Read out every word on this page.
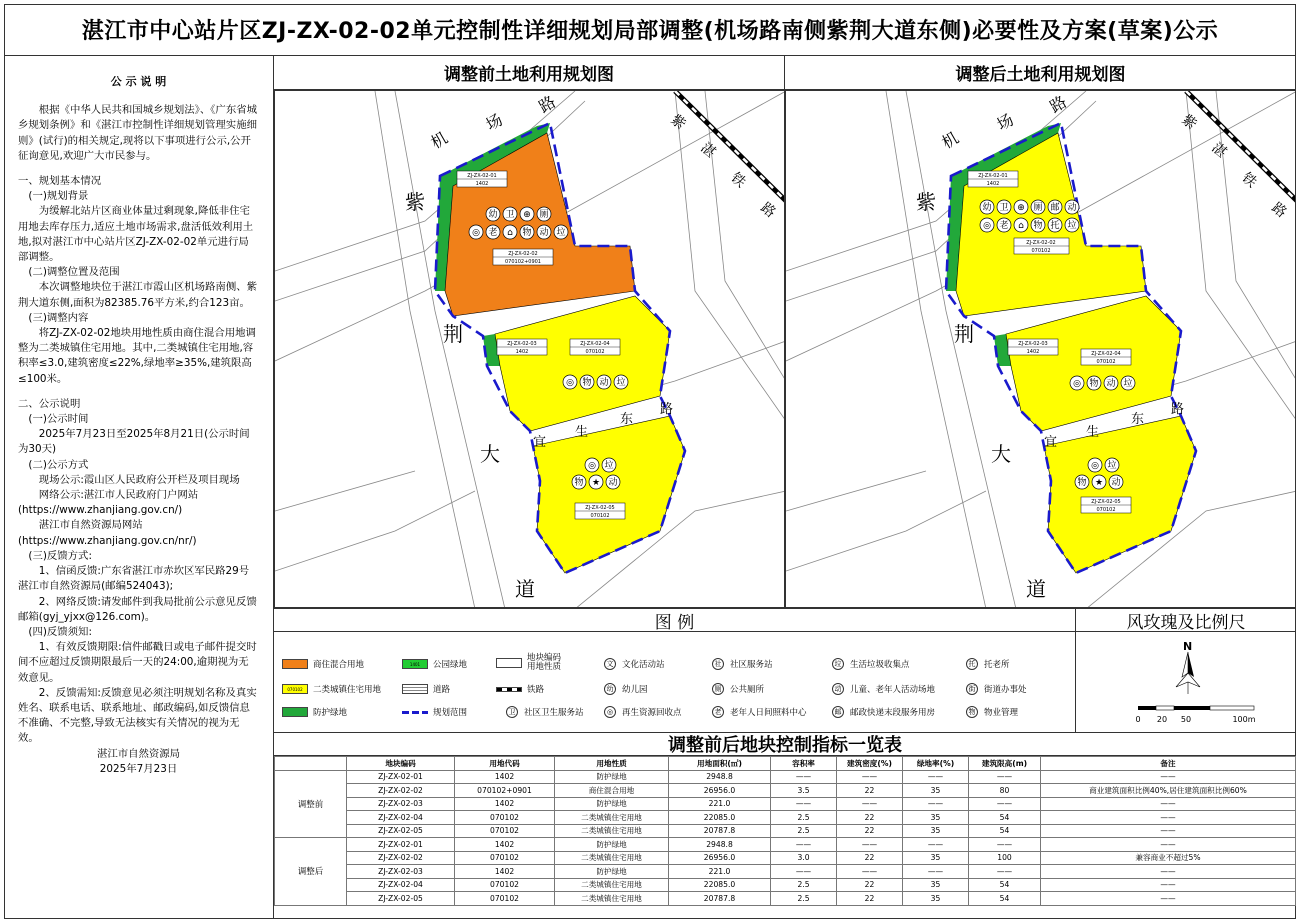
湛江市中心站片区ZJ-ZX-02-02单元控制性详细规划局部调整(机场路南侧紫荆大道东侧)必要性及方案(草案)公示
公 示 说 明

根据《中华人民共和国城乡规划法》、《广东省城乡规划条例》和《湛江市控制性详细规划管理实施细则》(试行)的相关规定,现将以下事项进行公示,公开征询意见,欢迎广大市民参与。

一、规划基本情况

(一)规划背景

为缓解北站片区商业体量过剩现象,降低非住宅用地去库存压力,适应土地市场需求,盘活低效利用土地,拟对湛江市中心站片区ZJ-ZX-02-02单元进行局部调整。

(二)调整位置及范围

本次调整地块位于湛江市霞山区机场路南侧、紫荆大道东侧,面积为82385.76平方米,约合123亩。

(三)调整内容

将ZJ-ZX-02-02地块用地性质由商住混合用地调整为二类城镇住宅用地。其中,二类城镇住宅用地,容积率≤3.0,建筑密度≤22%,绿地率≥35%,建筑限高≤100米。

二、公示说明

(一)公示时间

2025年7月23日至2025年8月21日(公示时间为30天)

(二)公示方式

现场公示:霞山区人民政府公开栏及项目现场

网络公示:湛江市人民政府门户网站(https://www.zhanjiang.gov.cn/)

湛江市自然资源局网站(https://www.zhanjiang.gov.cn/nr/)

(三)反馈方式:

1、信函反馈:广东省湛江市赤坎区军民路29号湛江市自然资源局(邮编524043);

2、网络反馈:请发邮件到我局批前公示意见反馈邮箱(gyj_yjxx@126.com)。

(四)反馈须知:

1、有效反馈期限:信件邮戳日或电子邮件提交时间不应超过反馈期限最后一天的24:00,逾期视为无效意见。

2、反馈需知:反馈意见必须注明规划名称及真实姓名、联系电话、联系地址、邮政编码,如反馈信息不准确、不完整,导致无法核实有关情况的视为无效。

湛江市自然资源局

2025年7月23日

调整前土地利用规划图	调整后土地利用规划图
机
场
路
紫
荆
大
道
宜
生
东
路
紫
湛
铁
路
ZJ-ZX-02-01
1402
ZJ-ZX-02-02
070102+0901
ZJ-ZX-02-03
1402
ZJ-ZX-02-04
070102
ZJ-ZX-02-05
070102
幼 卫 ⊕ 厕
◎ 老 ⌂ 物 动 垃
◎ 物 动 垃
◎ 垃
物 ★ 动
机
场
路
紫
荆
大
道
宜
生
东
路
紫
湛
铁
路
ZJ-ZX-02-01
1402
ZJ-ZX-02-02
070102
ZJ-ZX-02-03
1402	ZJ-ZX-02-04
070102
ZJ-ZX-02-05
070102
幼 卫 ⊕ 厕 邮 动
◎ 老 ⌂ 物 托 垃
◎ 物 动 垃
◎ 垃
物 ★ 动
图 例	风玫瑰及比例尺
商住混合用地	1401	公园绿地
地块编码
用地性质
070102	二类城镇住宅用地	道路	铁路
防护绿地	规划范围
文 文化活动站	社 社区服务站	垃 生活垃圾收集点	托 托老所
幼 幼儿园	厕 公共厕所	动 儿童、老年人活动场地	街 街道办事处
卫 社区卫生服务站	◎	再生资源回收点	老 老年人日间照料中心	邮 邮政快递末段服务用房	物 物业管理
N
0 20 50	100m
调整前后地块控制指标一览表
	地块编码	用地代码	用地性质	用地面积(㎡)	容积率	建筑密度(%)	绿地率(%)	建筑限高(m)	备注
调整前	ZJ-ZX-02-01	1402	防护绿地	2948.8	——	——	——	——	——
	ZJ-ZX-02-02	070102+0901	商住混合用地	26956.0	3.5	22	35	80	商业建筑面积比例40%,居住建筑面积比例60%
	ZJ-ZX-02-03	1402	防护绿地	221.0	——	——	——	——	——
	ZJ-ZX-02-04	070102	二类城镇住宅用地	22085.0	2.5	22	35	54	——
	ZJ-ZX-02-05	070102	二类城镇住宅用地	20787.8	2.5	22	35	54	——
调整后	ZJ-ZX-02-01	1402	防护绿地	2948.8	——	——	——	——	——
	ZJ-ZX-02-02	070102	二类城镇住宅用地	26956.0	3.0	22	35	100	兼容商业不超过5%
	ZJ-ZX-02-03	1402	防护绿地	221.0	——	——	——	——	——
	ZJ-ZX-02-04	070102	二类城镇住宅用地	22085.0	2.5	22	35	54	——
	ZJ-ZX-02-05	070102	二类城镇住宅用地	20787.8	2.5	22	35	54	——
